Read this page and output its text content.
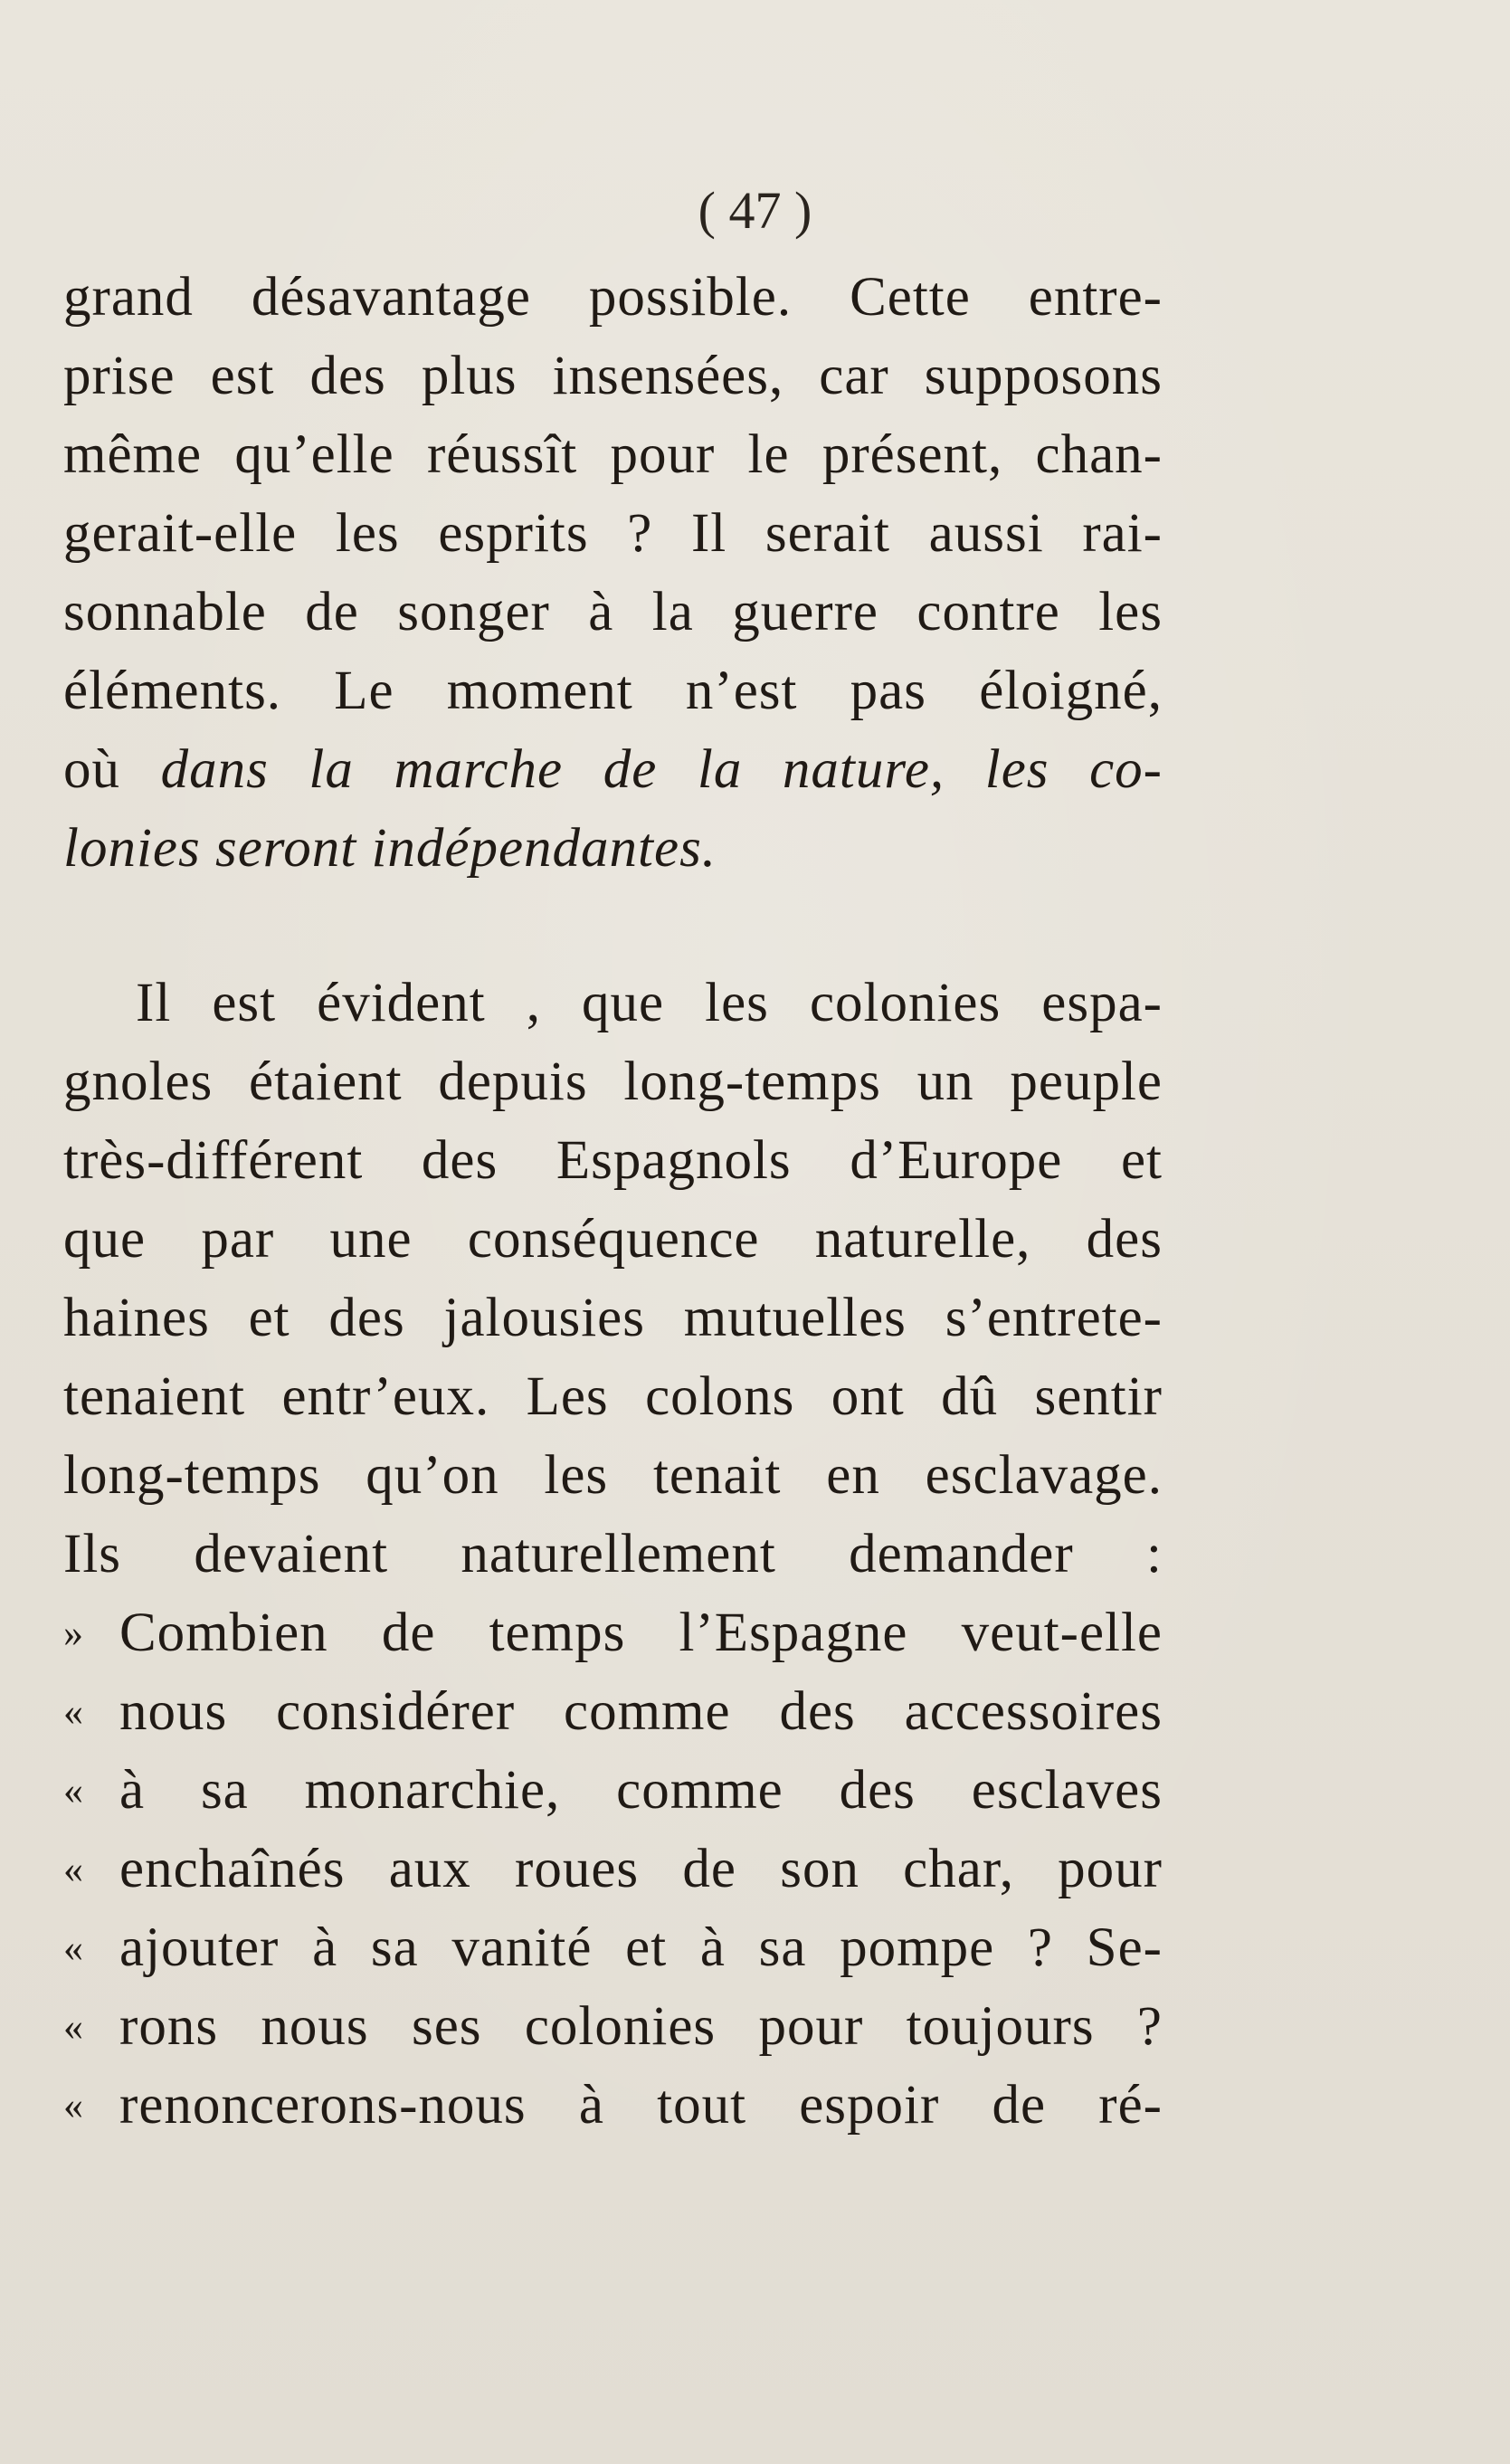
( 47 )
grand désavantage possible. Cette entre-
prise est des plus insensées, car supposons
même qu’elle réussît pour le présent, chan-
gerait-elle les esprits ? Il serait aussi rai-
sonnable de songer à la guerre contre les
éléments. Le moment n’est pas éloigné,
où dans la marche de la nature, les co-
lonies seront indépendantes.
Il est évident , que les colonies espa-
gnoles étaient depuis long-temps un peuple
très-différent des Espagnols d’Europe et
que par une conséquence naturelle, des
haines et des jalousies mutuelles s’entrete-
tenaient entr’eux. Les colons ont dû sentir
long-temps qu’on les tenait en esclavage.
Ils devaient naturellement demander :
» Combien de temps l’Espagne veut-elle
« nous considérer comme des accessoires
« à sa monarchie, comme des esclaves
« enchaînés aux roues de son char, pour
« ajouter à sa vanité et à sa pompe ? Se-
« rons nous ses colonies pour toujours ?
« renoncerons-nous à tout espoir de ré-
